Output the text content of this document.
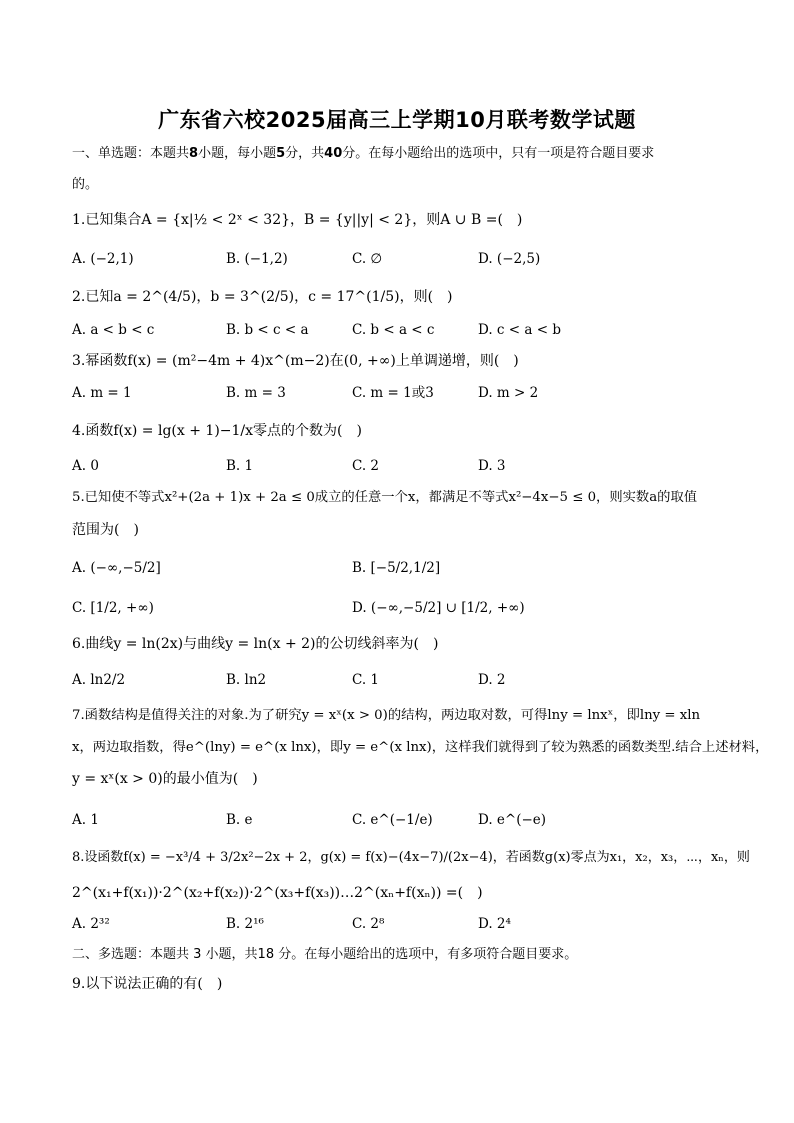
广东省六校2025届高三上学期10月联考数学试题
一、单选题：本题共8小题，每小题5分，共40分。在每小题给出的选项中，只有一项是符合题目要求
的。
1.已知集合A = {x|½ < 2ˣ < 32}，B = {y||y| < 2}，则A ∪ B =(　)
A. (−2,1)	B. (−1,2)	C. ∅	D. (−2,5)
2.已知a = 2^(4/5)，b = 3^(2/5)，c = 17^(1/5)，则(　)
A. a < b < c	B. b < c < a	C. b < a < c	D. c < a < b
3.幂函数f(x) = (m²−4m + 4)x^(m−2)在(0, +∞)上单调递增，则(　)
A. m = 1	B. m = 3	C. m = 1或3	D. m > 2
4.函数f(x) = lg(x + 1)−1/x零点的个数为(　)
A. 0	B. 1	C. 2	D. 3
5.已知使不等式x²+(2a + 1)x + 2a ≤ 0成立的任意一个x，都满足不等式x²−4x−5 ≤ 0，则实数a的取值
范围为(　)
A. (−∞,−5/2]	B. [−5/2,1/2]
C. [1/2, +∞)	D. (−∞,−5/2] ∪ [1/2, +∞)
6.曲线y = ln(2x)与曲线y = ln(x + 2)的公切线斜率为(　)
A. ln2/2	B. ln2	C. 1	D. 2
7.函数结构是值得关注的对象.为了研究y = xˣ(x > 0)的结构，两边取对数，可得lny = lnxˣ，即lny = xln
x，两边取指数，得e^(lny) = e^(x lnx)，即y = e^(x lnx)，这样我们就得到了较为熟悉的函数类型.结合上述材料，
y = xˣ(x > 0)的最小值为(　)
A. 1	B. e	C. e^(−1/e)	D. e^(−e)
8.设函数f(x) = −x³/4 + 3/2x²−2x + 2，g(x) = f(x)−(4x−7)/(2x−4)，若函数g(x)零点为x₁，x₂，x₃，⋯，xₙ，则
2^(x₁+f(x₁))·2^(x₂+f(x₂))·2^(x₃+f(x₃))…2^(xₙ+f(xₙ)) =(　)
A. 2³²	B. 2¹⁶	C. 2⁸	D. 2⁴
二、多选题：本题共 3 小题，共18 分。在每小题给出的选项中，有多项符合题目要求。
9.以下说法正确的有(　)
